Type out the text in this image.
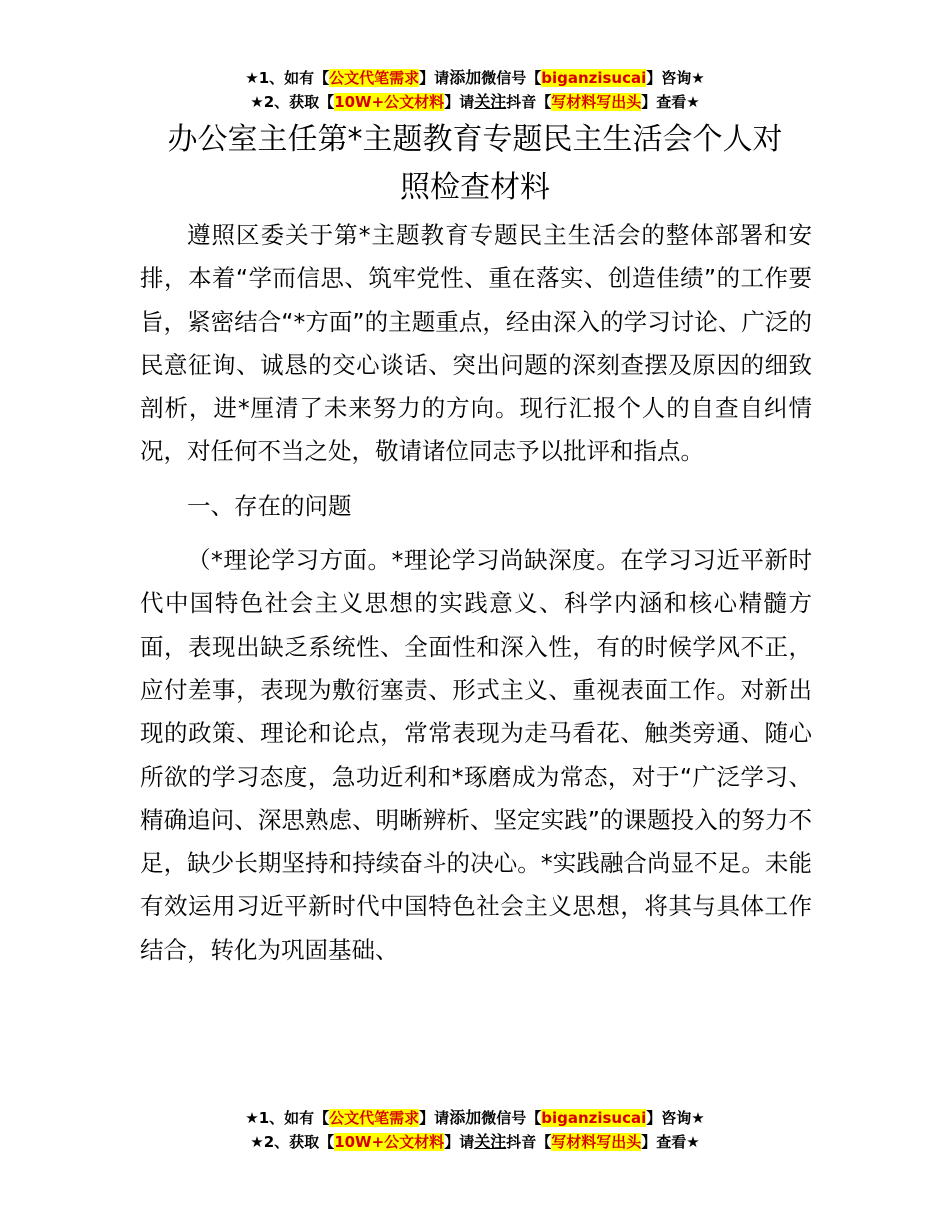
★1、如有【公文代笔需求】请添加微信号【biganzisucai】咨询★
★2、获取【10W+公文材料】请关注抖音【写材料写出头】查看★
办公室主任第*主题教育专题民主生活会个人对
照检查材料

遵照区委关于第*主题教育专题民主生活会的整体部署和安排，本着“学而信思、筑牢党性、重在落实、创造佳绩”的工作要旨，紧密结合“*方面”的主题重点，经由深入的学习讨论、广泛的民意征询、诚恳的交心谈话、突出问题的深刻查摆及原因的细致剖析，进*厘清了未来努力的方向。现行汇报个人的自查自纠情况，对任何不当之处，敬请诸位同志予以批评和指点。

一、存在的问题

（*理论学习方面。*理论学习尚缺深度。在学习习近平新时代中国特色社会主义思想的实践意义、科学内涵和核心精髓方面，表现出缺乏系统性、全面性和深入性，有的时候学风不正，应付差事，表现为敷衍塞责、形式主义、重视表面工作。对新出现的政策、理论和论点，常常表现为走马看花、触类旁通、随心所欲的学习态度，急功近利和*琢磨成为常态，对于“广泛学习、精确追问、深思熟虑、明晰辨析、坚定实践”的课题投入的努力不足，缺少长期坚持和持续奋斗的决心。*实践融合尚显不足。未能有效运用习近平新时代中国特色社会主义思想，将其与具体工作结合，转化为巩固基础、

★1、如有【公文代笔需求】请添加微信号【biganzisucai】咨询★
★2、获取【10W+公文材料】请关注抖音【写材料写出头】查看★
